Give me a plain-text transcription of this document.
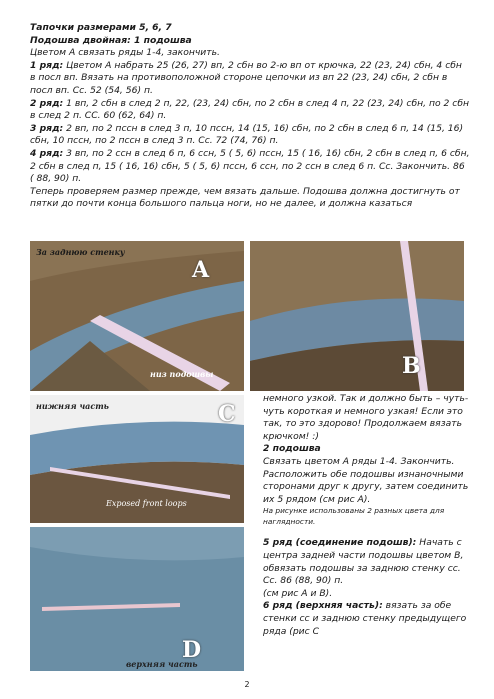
Тапочки размерами 5, 6, 7

Подошва двойная: 1 подошва

Цветом А связать ряды 1-4, закончить.

1 ряд: Цветом А набрать 25 (26, 27) вп, 2 сбн во 2-ю вп от крючка, 22 (23, 24) сбн, 4 сбн в посл вп. Вязать на противоположной стороне цепочки из вп 22 (23, 24) сбн, 2 сбн в посл вп. Сс. 52 (54, 56) п.

2 ряд: 1 вп, 2 сбн в след 2 п, 22, (23, 24) сбн, по 2 сбн в след 4 п, 22 (23, 24) сбн, по 2 сбн в след 2 п. СС. 60 (62, 64) п.

3 ряд: 2 вп, по 2 пссн в след 3 п, 10 пссн, 14 (15, 16) сбн, по 2 сбн в след 6 п, 14 (15, 16) сбн, 10 пссн, по 2 пссн в след 3 п. Сс. 72 (74, 76) п.

4 ряд: 3 вп, по 2 ссн в след 6 п, 6 ссн, 5 ( 5, 6) пссн, 15 ( 16, 16) сбн, 2 сбн в след п, 6 сбн, 2 сбн в след п, 15 ( 16, 16) сбн, 5 ( 5, 6) пссн, 6 ссн, по 2 ссн в след 6 п. Сс. Закончить. 86 ( 88, 90) п.

Теперь проверяем размер прежде, чем вязать дальше. Подошва должна достигнуть от пятки до почти конца большого пальца ноги, но не далее, и должна казаться

За заднюю стенку
A
низ подошвы	B
нижняя часть	C
Exposed front loops
D
верхняя часть

немного узкой. Так и должно быть – чуть-чуть короткая и немного узкая! Если это так, то это здорово! Продолжаем вязать крючком! :)

2 подошва

Связать цветом А ряды 1-4. Закончить. Расположить обе подошвы изнаночными сторонами друг к другу, затем соединить их 5 рядом (см рис А).

На рисунке использованы 2 разных цвета для наглядности.

5 ряд (соединение подошв): Начать с центра задней части подошвы цветом В, обвязать подошвы за заднюю стенку сс. Сс. 86 (88, 90) п.

(см рис А и В).

6 ряд (верхняя часть): вязать за обе стенки сс и заднюю стенку предыдущего ряда (рис С

2
